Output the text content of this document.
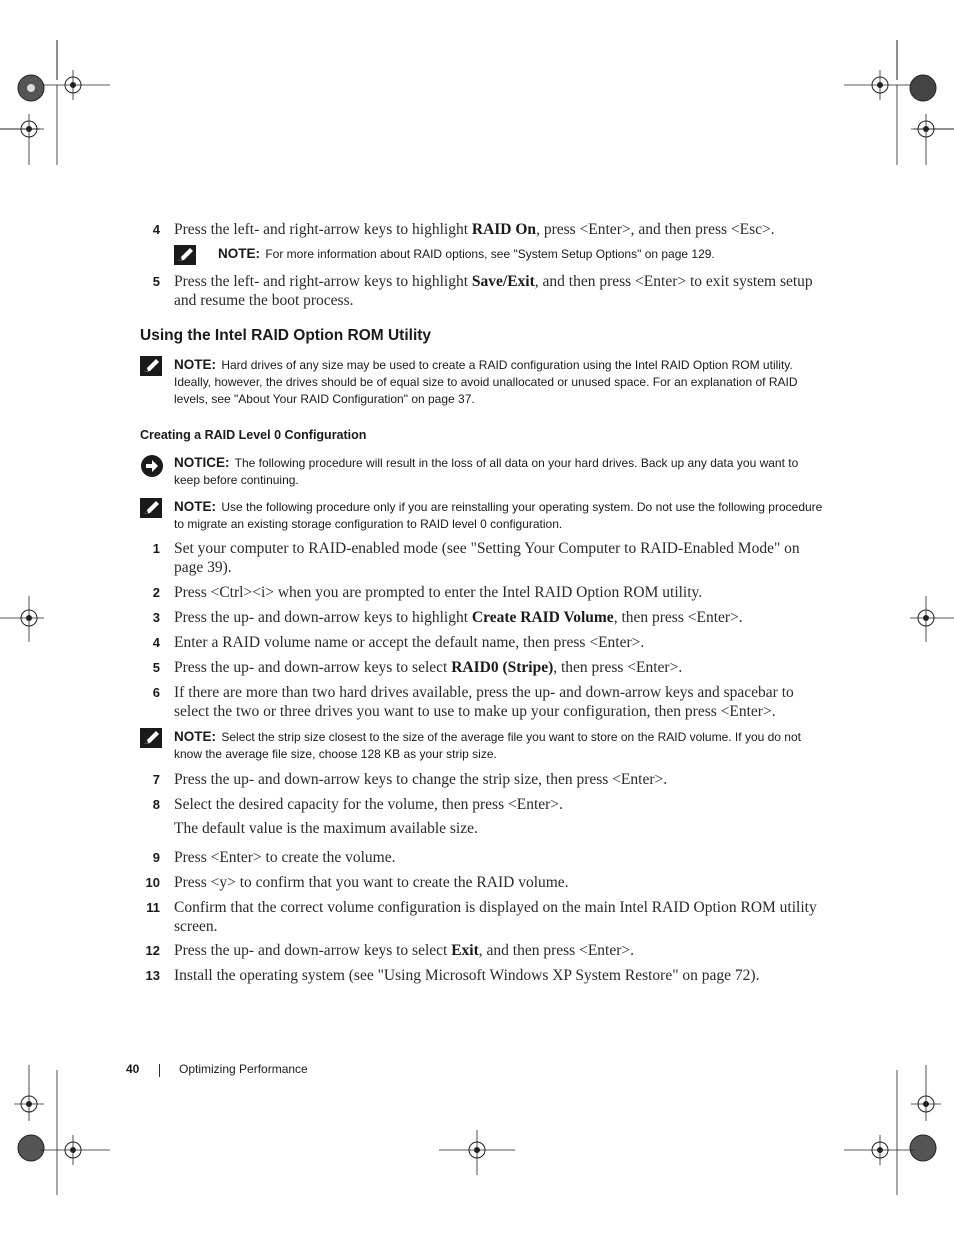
4 Press the left- and right-arrow keys to highlight RAID On, press <Enter>, and then press <Esc>.
NOTE: For more information about RAID options, see "System Setup Options" on page 129.
5 Press the left- and right-arrow keys to highlight Save/Exit, and then press <Enter> to exit system setup and resume the boot process.
Using the Intel RAID Option ROM Utility
NOTE: Hard drives of any size may be used to create a RAID configuration using the Intel RAID Option ROM utility. Ideally, however, the drives should be of equal size to avoid unallocated or unused space. For an explanation of RAID levels, see "About Your RAID Configuration" on page 37.
Creating a RAID Level 0 Configuration
NOTICE: The following procedure will result in the loss of all data on your hard drives. Back up any data you want to keep before continuing.
NOTE: Use the following procedure only if you are reinstalling your operating system. Do not use the following procedure to migrate an existing storage configuration to RAID level 0 configuration.
1 Set your computer to RAID-enabled mode (see "Setting Your Computer to RAID-Enabled Mode" on page 39).
2 Press <Ctrl><i> when you are prompted to enter the Intel RAID Option ROM utility.
3 Press the up- and down-arrow keys to highlight Create RAID Volume, then press <Enter>.
4 Enter a RAID volume name or accept the default name, then press <Enter>.
5 Press the up- and down-arrow keys to select RAID0 (Stripe), then press <Enter>.
6 If there are more than two hard drives available, press the up- and down-arrow keys and spacebar to select the two or three drives you want to use to make up your configuration, then press <Enter>.
NOTE: Select the strip size closest to the size of the average file you want to store on the RAID volume. If you do not know the average file size, choose 128 KB as your strip size.
7 Press the up- and down-arrow keys to change the strip size, then press <Enter>.
8 Select the desired capacity for the volume, then press <Enter>.
The default value is the maximum available size.
9 Press <Enter> to create the volume.
10 Press <y> to confirm that you want to create the RAID volume.
11 Confirm that the correct volume configuration is displayed on the main Intel RAID Option ROM utility screen.
12 Press the up- and down-arrow keys to select Exit, and then press <Enter>.
13 Install the operating system (see "Using Microsoft Windows XP System Restore" on page 72).
40	Optimizing Performance
